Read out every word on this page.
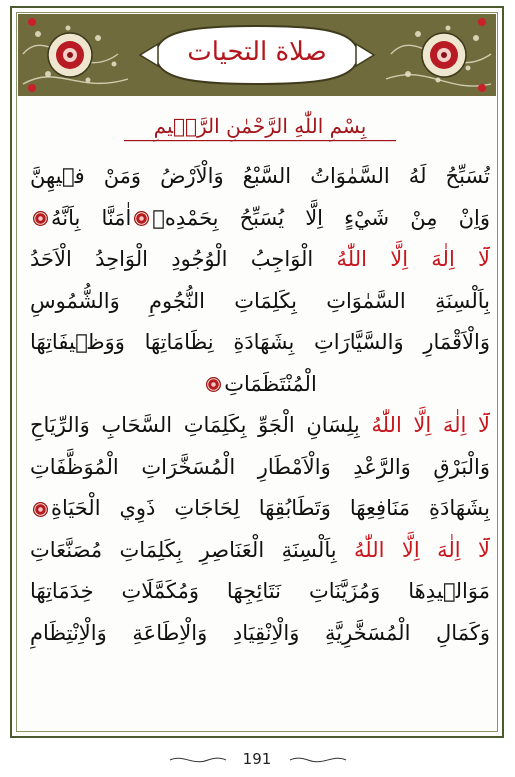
صلاة التحيات
بِسْمِ اللّٰهِ الرَّحْمٰنِ الرَّح۪يمِ
تُسَبِّحُ لَهُ السَّمٰوَاتُ السَّبْعُ وَالْاَرْضُ وَمَنْ ف۪يهِنَّ
وَاِنْ مِنْ شَيْءٍ اِلَّا يُسَبِّحُ بِحَمْدِه۪اٰمَنَّا بِاَنَّهُ
لَٓا اِلٰهَ اِلَّا اللّٰهُ الْوَاجِبُ الْوُجُودِ الْوَاحِدُ الْاَحَدُ
بِاَلْسِنَةِ السَّمٰوَاتِ بِكَلِمَاتِ النُّجُومِ وَالشُّمُوسِ
وَالْاَقْمَارِ وَالسَّيَّارَاتِ بِشَهَادَةِ نِظَامَاتِهَا وَوَظ۪يفَاتِهَا
الْمُنْتَظَمَاتِ
لَٓا اِلٰهَ اِلَّا اللّٰهُ بِلِسَانِ الْجَوِّ بِكَلِمَاتِ السَّحَابِ وَالرِّيَاحِ
وَالْبَرْقِ وَالرَّعْدِ وَالْاَمْطَارِ الْمُسَخَّرَاتِ الْمُوَظَّفَاتِ
بِشَهَادَةِ مَنَافِعِهَا وَتَطَابُقِهَا لِحَاجَاتِ ذَوِي الْحَيَاةِ
لَٓا اِلٰهَ اِلَّا اللّٰهُ بِاَلْسِنَةِ الْعَنَاصِرِ بِكَلِمَاتِ مُصَنَّعَاتِ
مَوَال۪يدِهَا وَمُزَيَّنَاتِ نَتَائِجِهَا وَمُكَمَّلَاتِ خِدَمَاتِهَا
وَكَمَالِ الْمُسَخَّرِيَّةِ وَالْاِنْقِيَادِ وَالْاِطَاعَةِ وَالْاِنْتِظَامِ
191
